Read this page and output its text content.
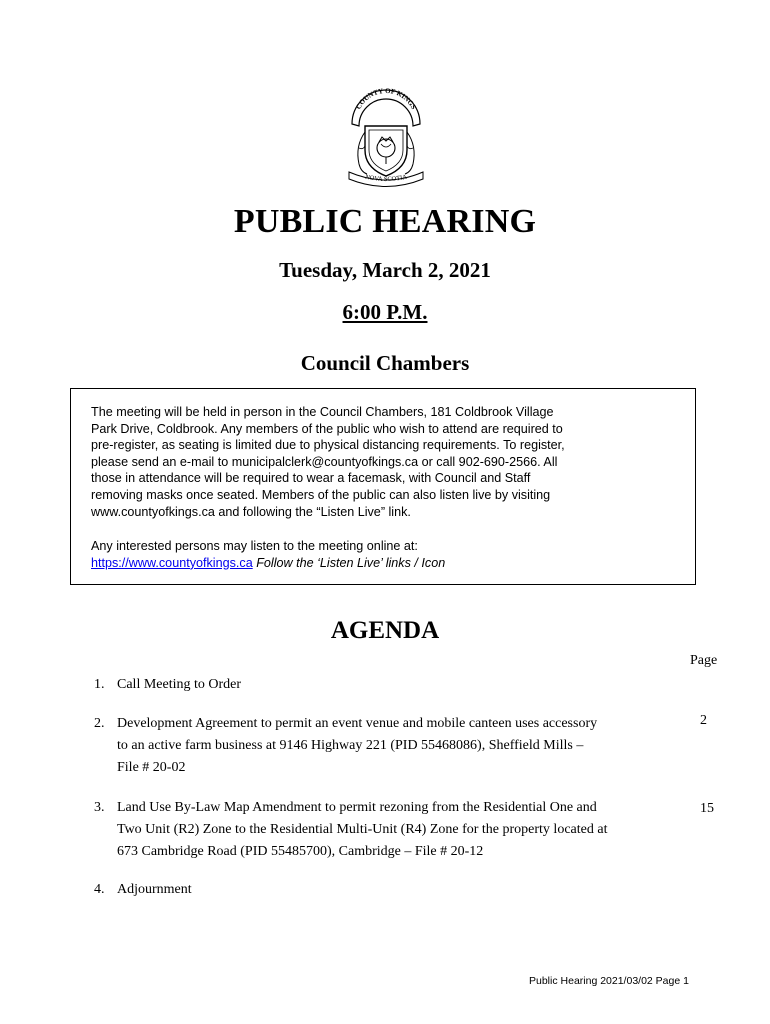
COUNTY OF KINGS
NOVA SCOTIA
PUBLIC HEARING
Tuesday, March 2, 2021
6:00 P.M.
Council Chambers

The meeting will be held in person in the Council Chambers, 181 Coldbrook Village
Park Drive, Coldbrook. Any members of the public who wish to attend are required to
pre-register, as seating is limited due to physical distancing requirements. To register,
please send an e-mail to municipalclerk@countyofkings.ca or call 902-690-2566. All
those in attendance will be required to wear a facemask, with Council and Staff
removing masks once seated. Members of the public can also listen live by visiting
www.countyofkings.ca and following the “Listen Live” link.

Any interested persons may listen to the meeting online at:
https://www.countyofkings.ca Follow the ‘Listen Live’ links / Icon

AGENDA
Page
1. Call Meeting to Order
2. Development Agreement to permit an event venue and mobile canteen uses accessory
to an active farm business at 9146 Highway 221 (PID 55468086), Sheffield Mills –
File # 20-02
2
3. Land Use By-Law Map Amendment to permit rezoning from the Residential One and
Two Unit (R2) Zone to the Residential Multi-Unit (R4) Zone for the property located at
673 Cambridge Road (PID 55485700), Cambridge – File # 20-12
15
4. Adjournment
Public Hearing 2021/03/02 Page 1
